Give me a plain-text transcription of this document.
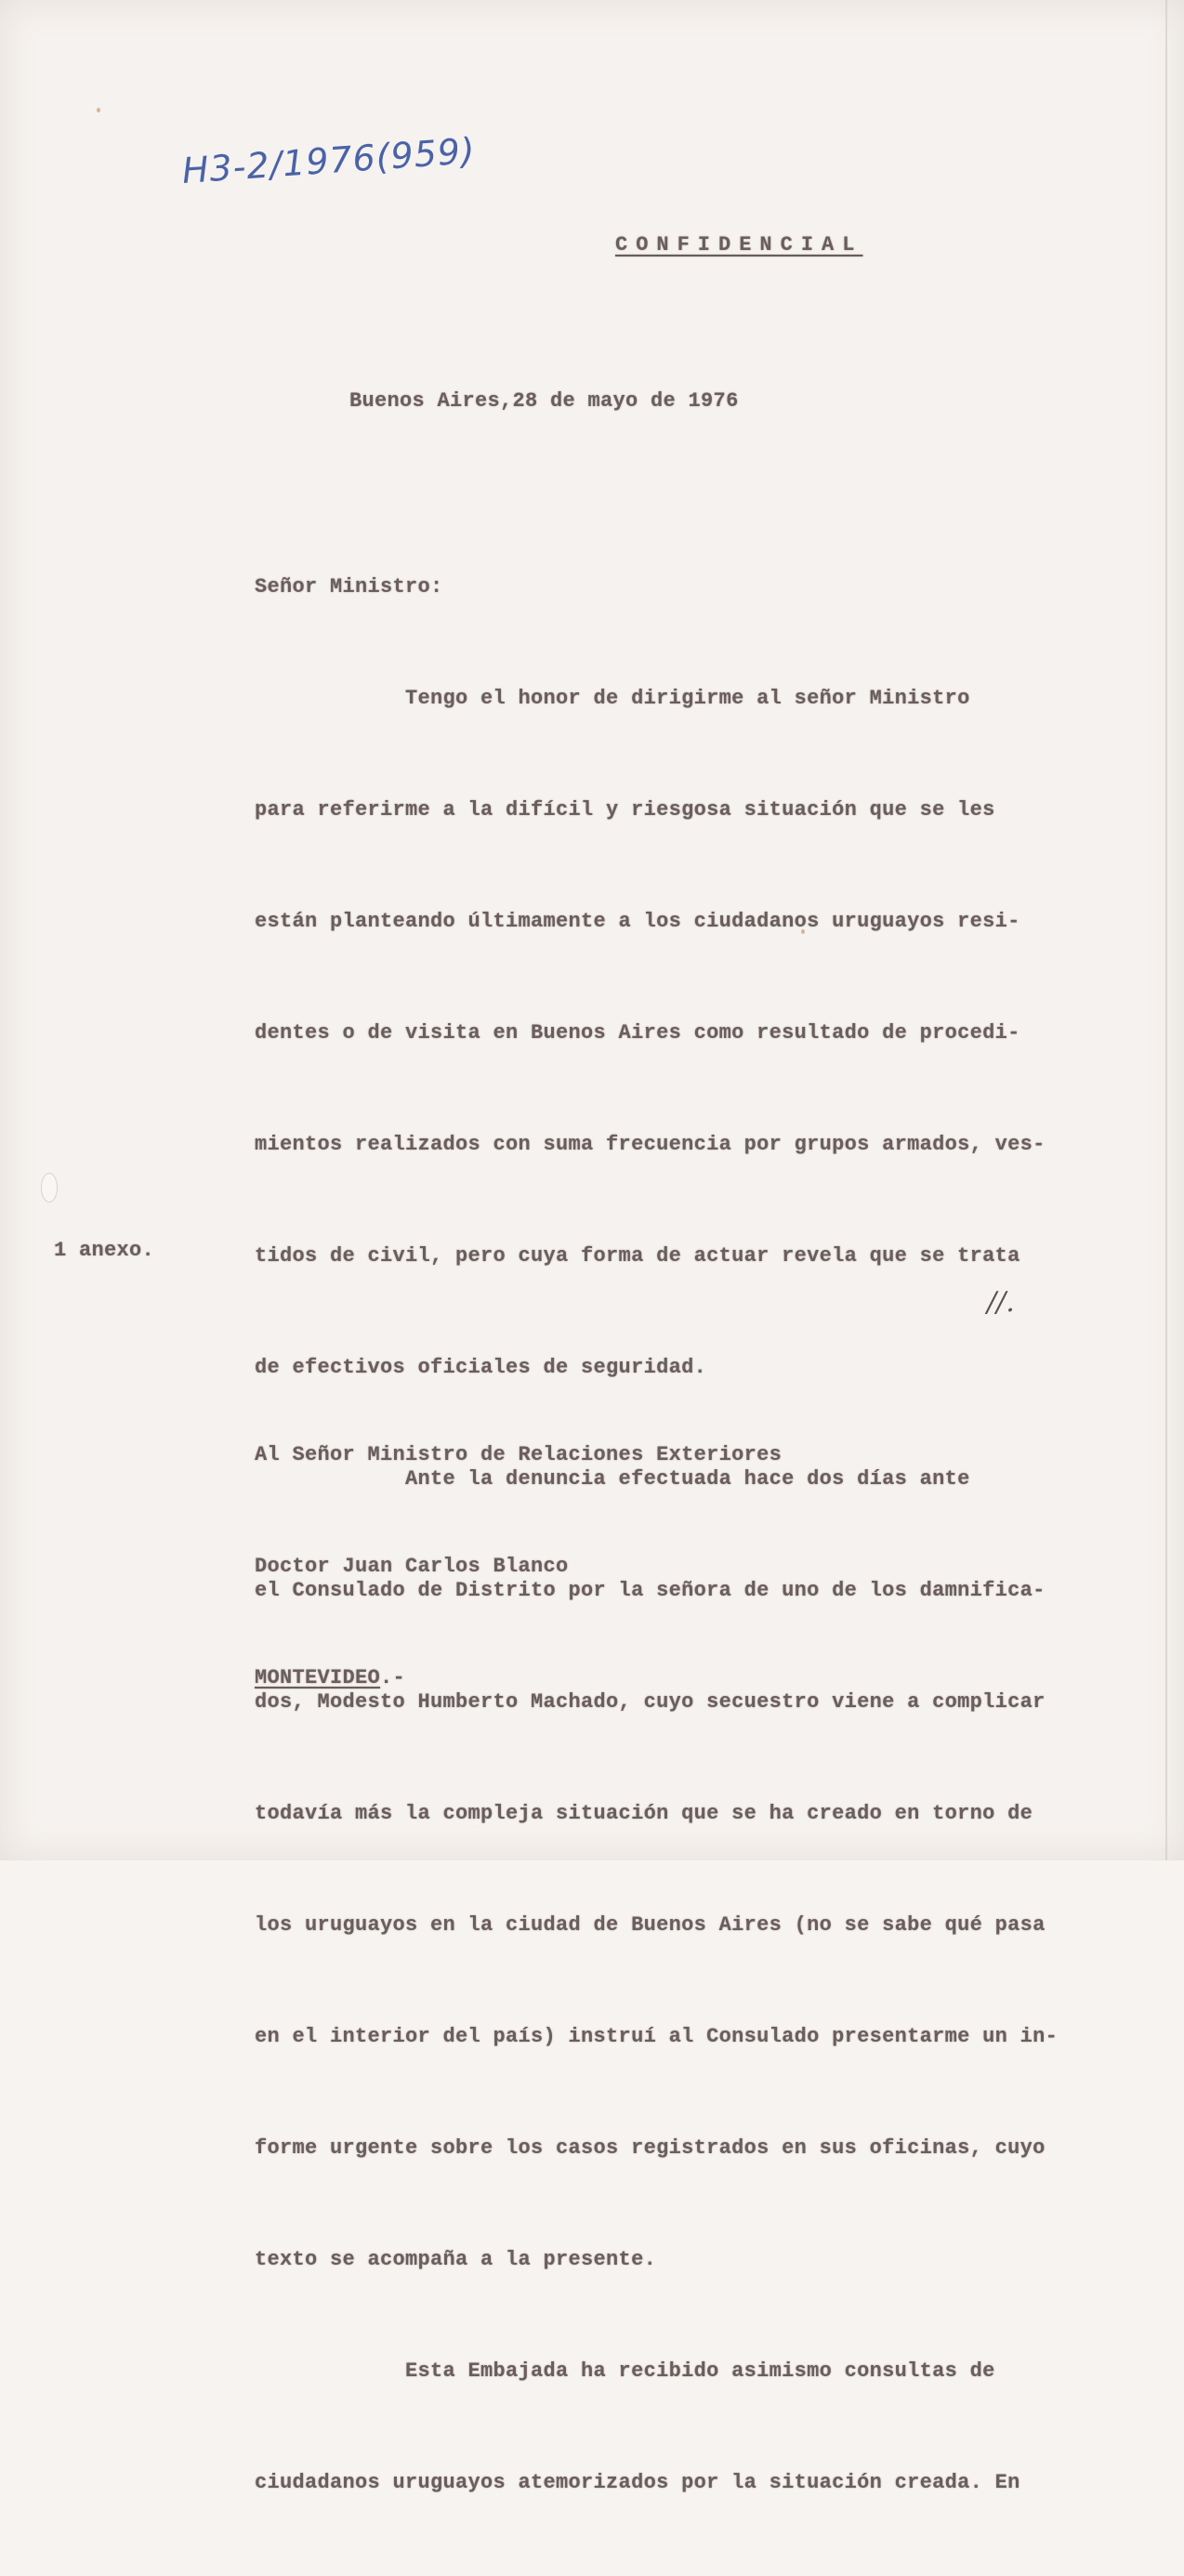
H3-2/1976(959)
CONFIDENCIAL
Buenos Aires,28 de mayo de 1976
Señor Ministro:

Tengo el honor de dirigirme al señor Ministro

para referirme a la difícil y riesgosa situación que se les

están planteando últimamente a los ciudadanos uruguayos resi-

dentes o de visita en Buenos Aires como resultado de procedi-

mientos realizados con suma frecuencia por grupos armados, ves-

tidos de civil, pero cuya forma de actuar revela que se trata

de efectivos oficiales de seguridad.

Ante la denuncia efectuada hace dos días ante

el Consulado de Distrito por la señora de uno de los damnifica-

dos, Modesto Humberto Machado, cuyo secuestro viene a complicar

todavía más la compleja situación que se ha creado en torno de

los uruguayos en la ciudad de Buenos Aires (no se sabe qué pasa

en el interior del país) instruí al Consulado presentarme un in-

forme urgente sobre los casos registrados en sus oficinas, cuyo

texto se acompaña a la presente.

Esta Embajada ha recibido asimismo consultas de

ciudadanos uruguayos atemorizados por la situación creada. En

1 anexo.
//.

Al Señor Ministro de Relaciones Exteriores

Doctor Juan Carlos Blanco

MONTEVIDEO.-
